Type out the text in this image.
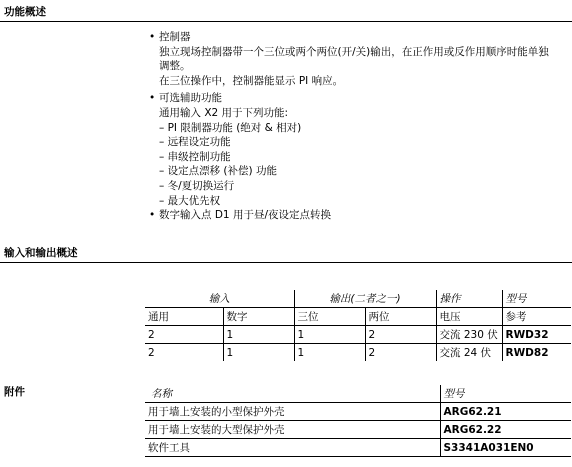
功能概述
• 控制器
独立现场控制器带一个三位或两个两位(开/关)输出，在正作用或反作用顺序时能单独
调整。
在三位操作中，控制器能显示 PI 响应。
• 可选辅助功能
通用输入 X2 用于下列功能:
– PI 限制器功能 (绝对 & 相对)
– 远程设定功能
– 串级控制功能
– 设定点漂移 (补偿) 功能
– 冬/夏切换运行
– 最大优先权
• 数字输入点 D1 用于昼/夜设定点转换
输入和输出概述
输入		输出(二者之一)		操作	型号
通用	数字	三位	两位	电压	参考
2	1	1	2	交流 230 伏	RWD32
2	1	1	2	交流 24 伏	RWD82
附件	名称	型号
用于墙上安装的小型保护外壳	ARG62.21
用于墙上安装的大型保护外壳	ARG62.22
软件工具	S3341A031EN0
